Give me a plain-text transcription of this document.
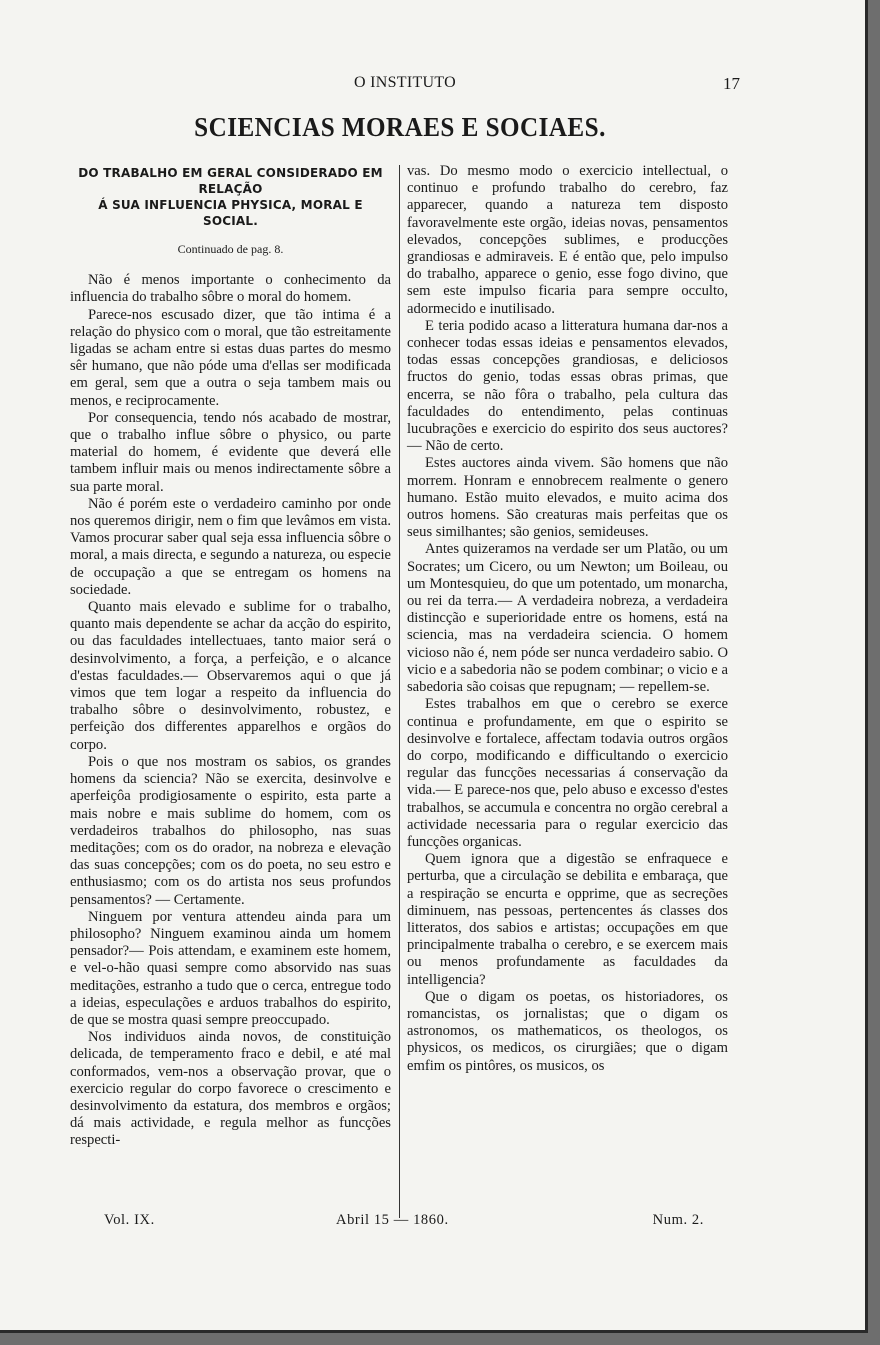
O INSTITUTO	17
SCIENCIAS MORAES E SOCIAES.
DO TRABALHO EM GERAL CONSIDERADO EM RELAÇÃO
Á SUA INFLUENCIA PHYSICA, MORAL E SOCIAL.
Continuado de pag. 8.

Não é menos importante o conhecimento da influencia do trabalho sôbre o moral do homem.

Parece-nos escusado dizer, que tão intima é a relação do physico com o moral, que tão estreitamente ligadas se acham entre si estas duas partes do mesmo sêr humano, que não póde uma d'ellas ser modificada em geral, sem que a outra o seja tambem mais ou menos, e reciprocamente.

Por consequencia, tendo nós acabado de mostrar, que o trabalho influe sôbre o physico, ou parte material do homem, é evidente que deverá elle tambem influir mais ou menos indirectamente sôbre a sua parte moral.

Não é porém este o verdadeiro caminho por onde nos queremos dirigir, nem o fim que levâmos em vista. Vamos procurar saber qual seja essa influencia sôbre o moral, a mais directa, e segundo a natureza, ou especie de occupação a que se entregam os homens na sociedade.

Quanto mais elevado e sublime for o trabalho, quanto mais dependente se achar da acção do espirito, ou das faculdades intellectuaes, tanto maior será o desinvolvimento, a força, a perfeição, e o alcance d'estas faculdades.— Observaremos aqui o que já vimos que tem logar a respeito da influencia do trabalho sôbre o desinvolvimento, robustez, e perfeição dos differentes apparelhos e orgãos do corpo.

Pois o que nos mostram os sabios, os grandes homens da sciencia? Não se exercita, desinvolve e aperfeiçôa prodigiosamente o espirito, esta parte a mais nobre e mais sublime do homem, com os verdadeiros trabalhos do philosopho, nas suas meditações; com os do orador, na nobreza e elevação das suas concepções; com os do poeta, no seu estro e enthusiasmo; com os do artista nos seus profundos pensamentos? — Certamente.

Ninguem por ventura attendeu ainda para um philosopho? Ninguem examinou ainda um homem pensador?— Pois attendam, e examinem este homem, e vel-o-hão quasi sempre como absorvido nas suas meditações, estranho a tudo que o cerca, entregue todo a ideias, especulações e arduos trabalhos do espirito, de que se mostra quasi sempre preoccupado.

Nos individuos ainda novos, de constituição delicada, de temperamento fraco e debil, e até mal conformados, vem-nos a observação provar, que o exercicio regular do corpo favorece o crescimento e desinvolvimento da estatura, dos membros e orgãos; dá mais actividade, e regula melhor as funcções respecti-

vas. Do mesmo modo o exercicio intellectual, o continuo e profundo trabalho do cerebro, faz apparecer, quando a natureza tem disposto favoravelmente este orgão, ideias novas, pensamentos elevados, concepções sublimes, e producções grandiosas e admiraveis. E é então que, pelo impulso do trabalho, apparece o genio, esse fogo divino, que sem este impulso ficaria para sempre occulto, adormecido e inutilisado.

E teria podido acaso a litteratura humana dar-nos a conhecer todas essas ideias e pensamentos elevados, todas essas concepções grandiosas, e deliciosos fructos do genio, todas essas obras primas, que encerra, se não fôra o trabalho, pela cultura das faculdades do entendimento, pelas continuas lucubrações e exercicio do espirito dos seus auctores?— Não de certo.

Estes auctores ainda vivem. São homens que não morrem. Honram e ennobrecem realmente o genero humano. Estão muito elevados, e muito acima dos outros homens. São creaturas mais perfeitas que os seus similhantes; são genios, semideuses.

Antes quizeramos na verdade ser um Platão, ou um Socrates; um Cicero, ou um Newton; um Boileau, ou um Montesquieu, do que um potentado, um monarcha, ou rei da terra.— A verdadeira nobreza, a verdadeira distincção e superioridade entre os homens, está na sciencia, mas na verdadeira sciencia. O homem vicioso não é, nem póde ser nunca verdadeiro sabio. O vicio e a sabedoria não se podem combinar; o vicio e a sabedoria são coisas que repugnam; — repellem-se.

Estes trabalhos em que o cerebro se exerce continua e profundamente, em que o espirito se desinvolve e fortalece, affectam todavia outros orgãos do corpo, modificando e difficultando o exercicio regular das funcções necessarias á conservação da vida.— E parece-nos que, pelo abuso e excesso d'estes trabalhos, se accumula e concentra no orgão cerebral a actividade necessaria para o regular exercicio das funcções organicas.

Quem ignora que a digestão se enfraquece e perturba, que a circulação se debilita e embaraça, que a respiração se encurta e opprime, que as secreções diminuem, nas pessoas, pertencentes ás classes dos litteratos, dos sabios e artistas; occupações em que principalmente trabalha o cerebro, e se exercem mais ou menos profundamente as faculdades da intelligencia?

Que o digam os poetas, os historiadores, os romancistas, os jornalistas; que o digam os astronomos, os mathematicos, os theologos, os physicos, os medicos, os cirurgiães; que o digam emfim os pintôres, os musicos, os

Vol. IX.	Abril 15 — 1860.	Num. 2.
